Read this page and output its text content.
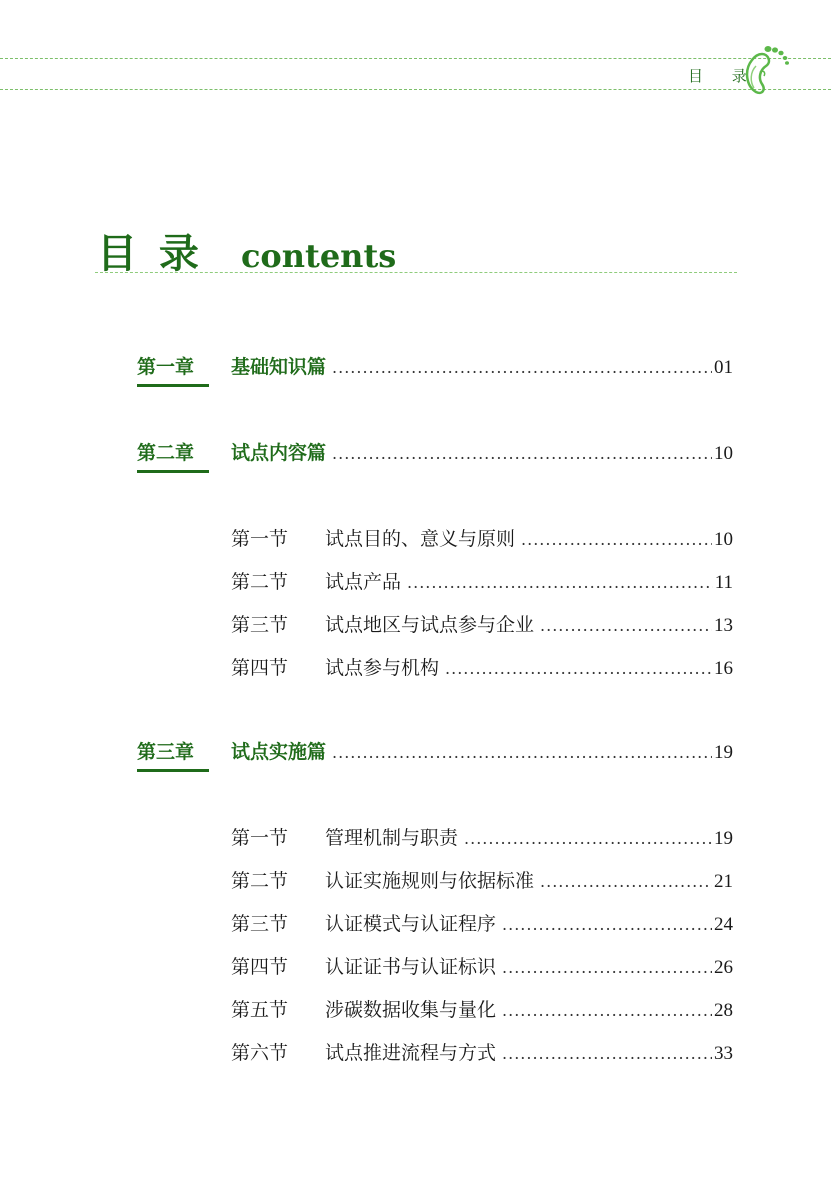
目 录
目 录 contents
第一章	基础知识篇 .....	01
第二章	试点内容篇 .....	10
第一节	试点目的、意义与原则 .....	10
第二节	试点产品 .....	11
第三节	试点地区与试点参与企业 .....	13
第四节	试点参与机构 .....	16
第三章	试点实施篇 .....	19
第一节	管理机制与职责 .....	19
第二节	认证实施规则与依据标准 .....	21
第三节	认证模式与认证程序 .....	24
第四节	认证证书与认证标识 .....	26
第五节	涉碳数据收集与量化 .....	28
第六节	试点推进流程与方式 .....	33
